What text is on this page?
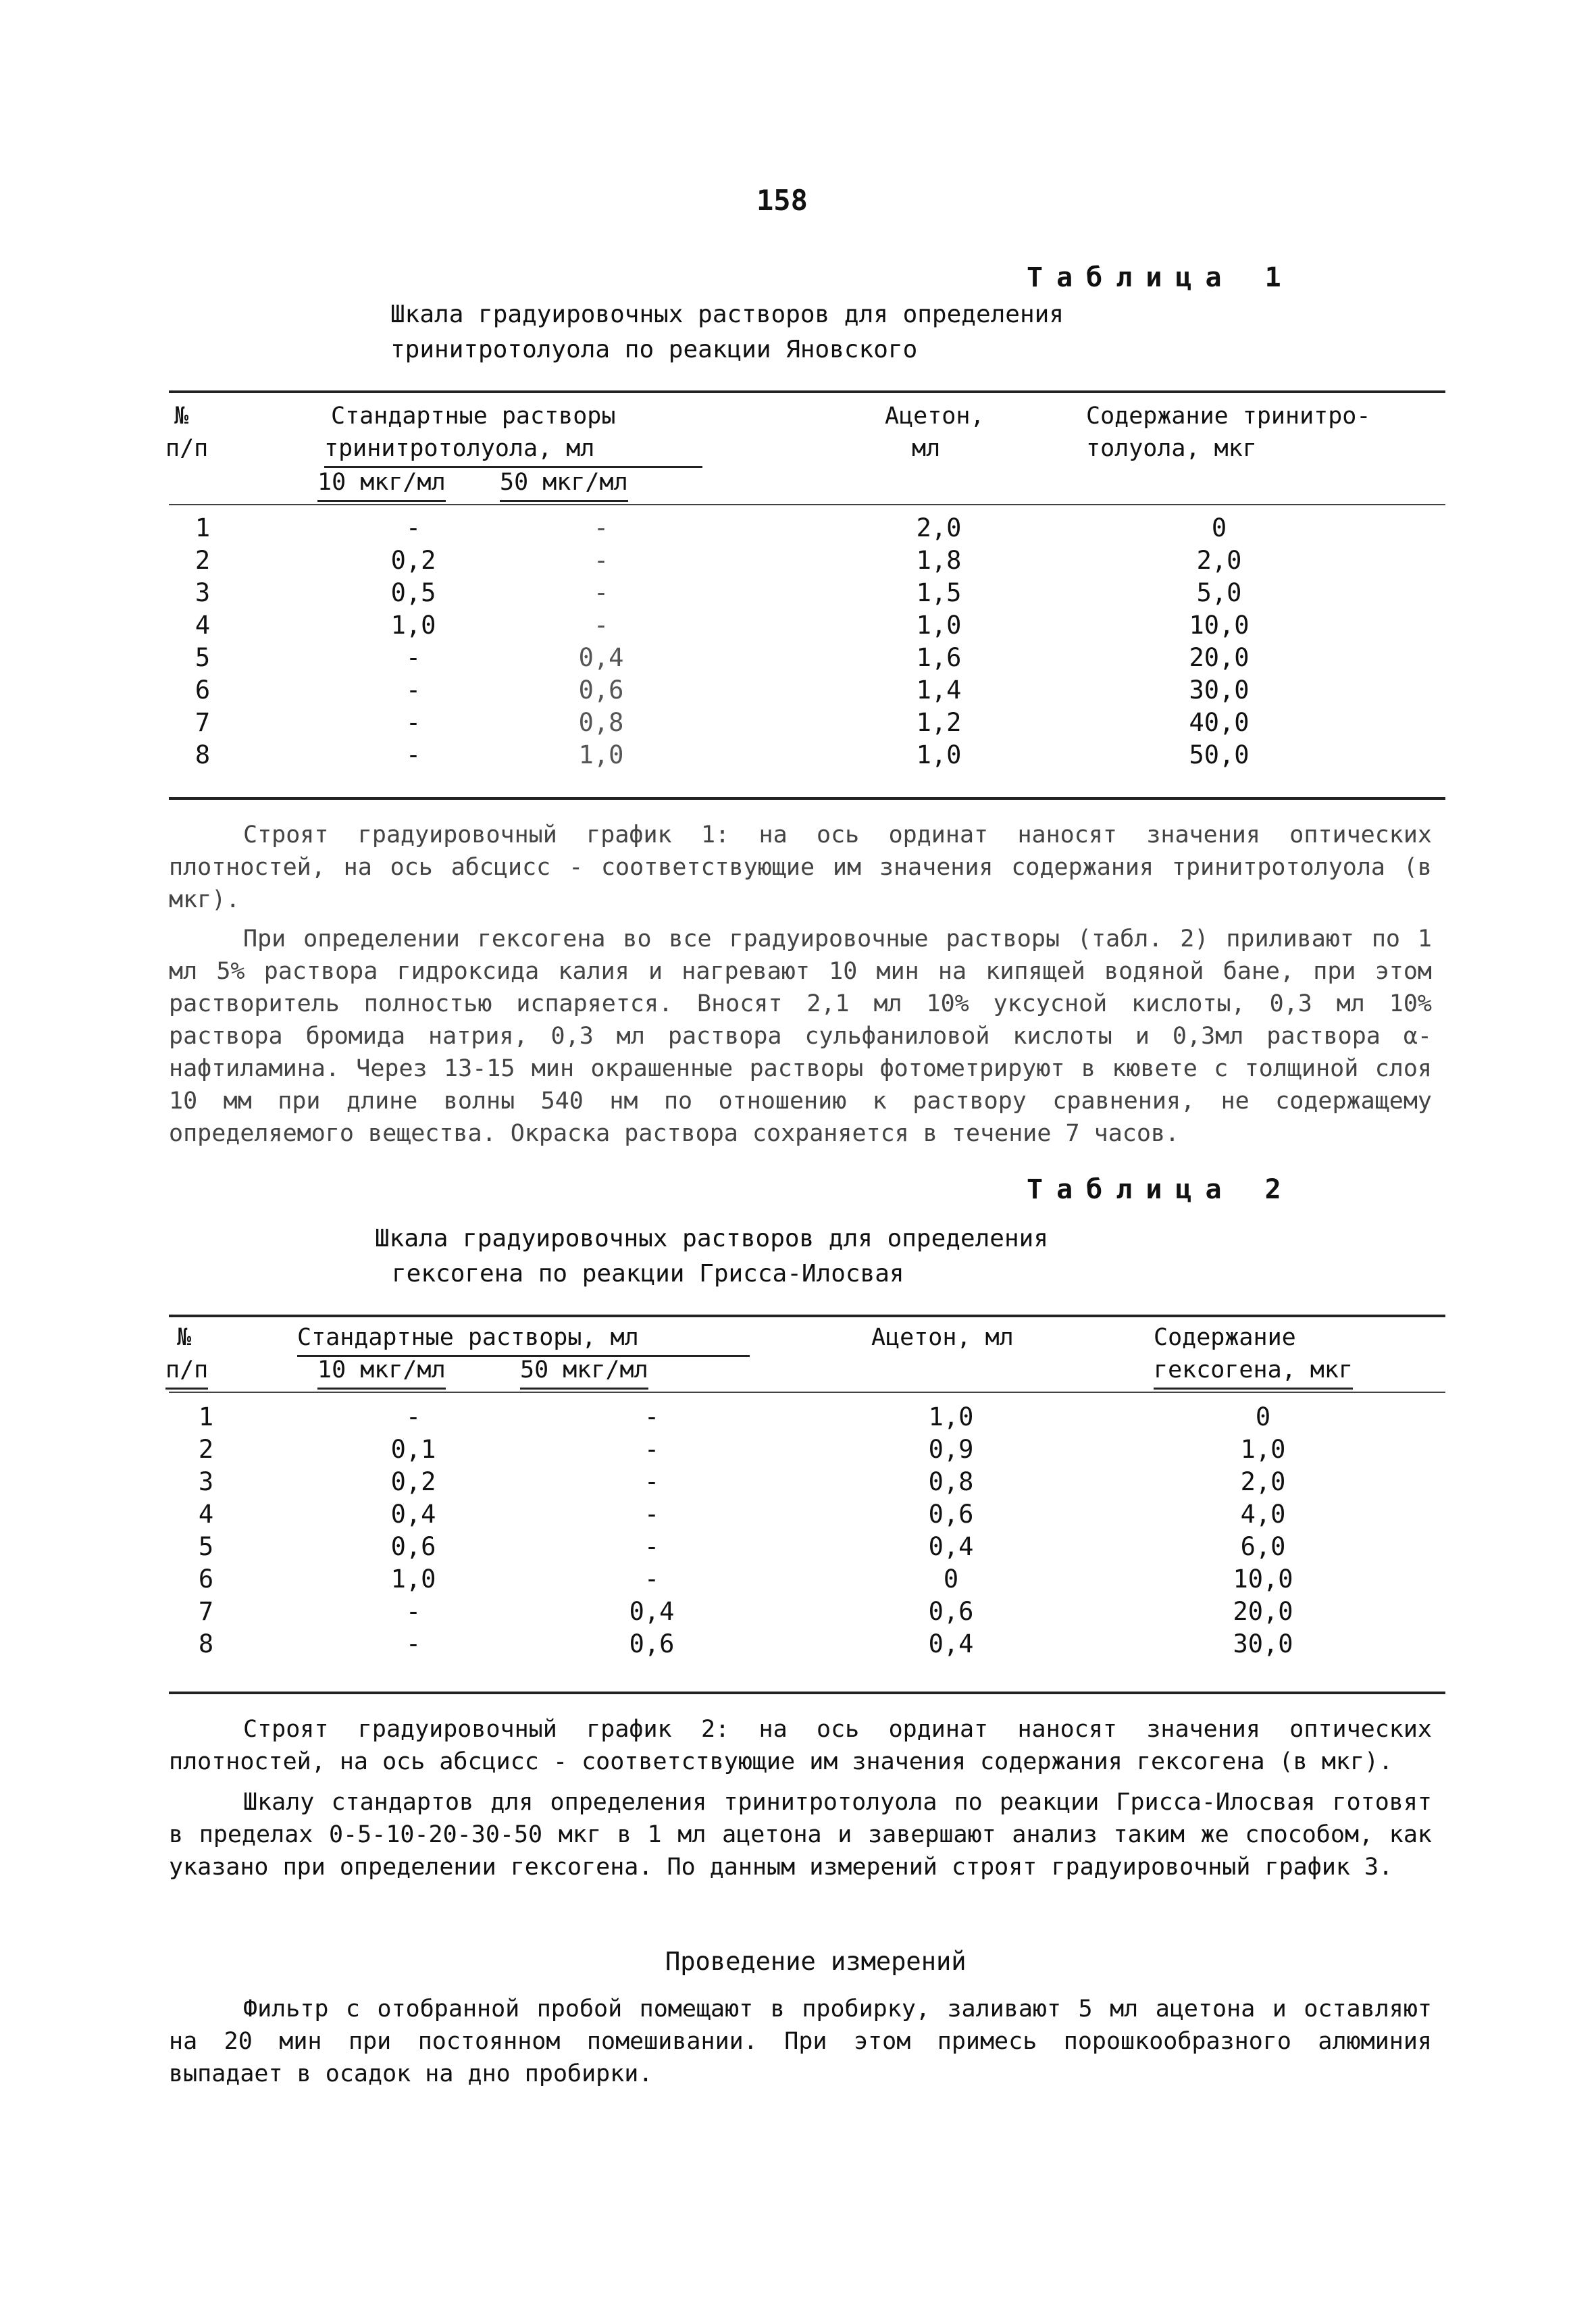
158
Таблица 1
Шкала градуировочных растворов для определения
тринитротолуола по реакции Яновского
№
п/п
Стандартные растворы
тринитротолуола, мл
10 мкг/мл 50 мкг/мл
Ацетон,
мл
Содержание тринитро-
толуола, мкг
1	-	-	2,0	0
2	0,2	-	1,8	2,0
3	0,5	-	1,5	5,0
4	1,0	-	1,0	10,0
5	-	0,4	1,6	20,0
6	-	0,6	1,4	30,0
7	-	0,8	1,2	40,0
8	-	1,0	1,0	50,0

Строят градуировочный график 1: на ось ординат наносят значения оптических плотностей, на ось абсцисс - соответствующие им значения содержания тринитротолуола (в мкг).

При определении гексогена во все градуировочные растворы (табл. 2) приливают по 1 мл 5% раствора гидроксида калия и нагревают 10 мин на кипящей водяной бане, при этом растворитель полностью испаряется. Вносят 2,1 мл 10% уксусной кислоты, 0,3 мл 10% раствора бромида натрия, 0,3 мл раствора сульфаниловой кислоты и 0,3мл раствора α-нафтиламина. Через 13-15 мин окрашенные растворы фотометрируют в кювете с толщиной слоя 10 мм при длине волны 540 нм по отношению к раствору сравнения, не содержащему определяемого вещества. Окраска раствора сохраняется в течение 7 часов.

Таблица 2
Шкала градуировочных растворов для определения
гексогена по реакции Грисса-Илосвая
№
п/п
Стандартные растворы, мл
10 мкг/мл	50 мкг/мл
Ацетон, мл	Содержание
гексогена, мкг
1	-	-	1,0	0
2	0,1	-	0,9	1,0
3	0,2	-	0,8	2,0
4	0,4	-	0,6	4,0
5	0,6	-	0,4	6,0
6	1,0	-	0	10,0
7	-	0,4	0,6	20,0
8	-	0,6	0,4	30,0

Строят градуировочный график 2: на ось ординат наносят значения оптических плотностей, на ось абсцисс - соответствующие им значения содержания гексогена (в мкг).

Шкалу стандартов для определения тринитротолуола по реакции Грисса-Илосвая готовят в пределах 0-5-10-20-30-50 мкг в 1 мл ацетона и завершают анализ таким же способом, как указано при определении гексогена. По данным измерений строят градуировочный график 3.

Проведение измерений

Фильтр с отобранной пробой помещают в пробирку, заливают 5 мл ацетона и оставляют на 20 мин при постоянном помешивании. При этом примесь порошкообразного алюминия выпадает в осадок на дно пробирки.
